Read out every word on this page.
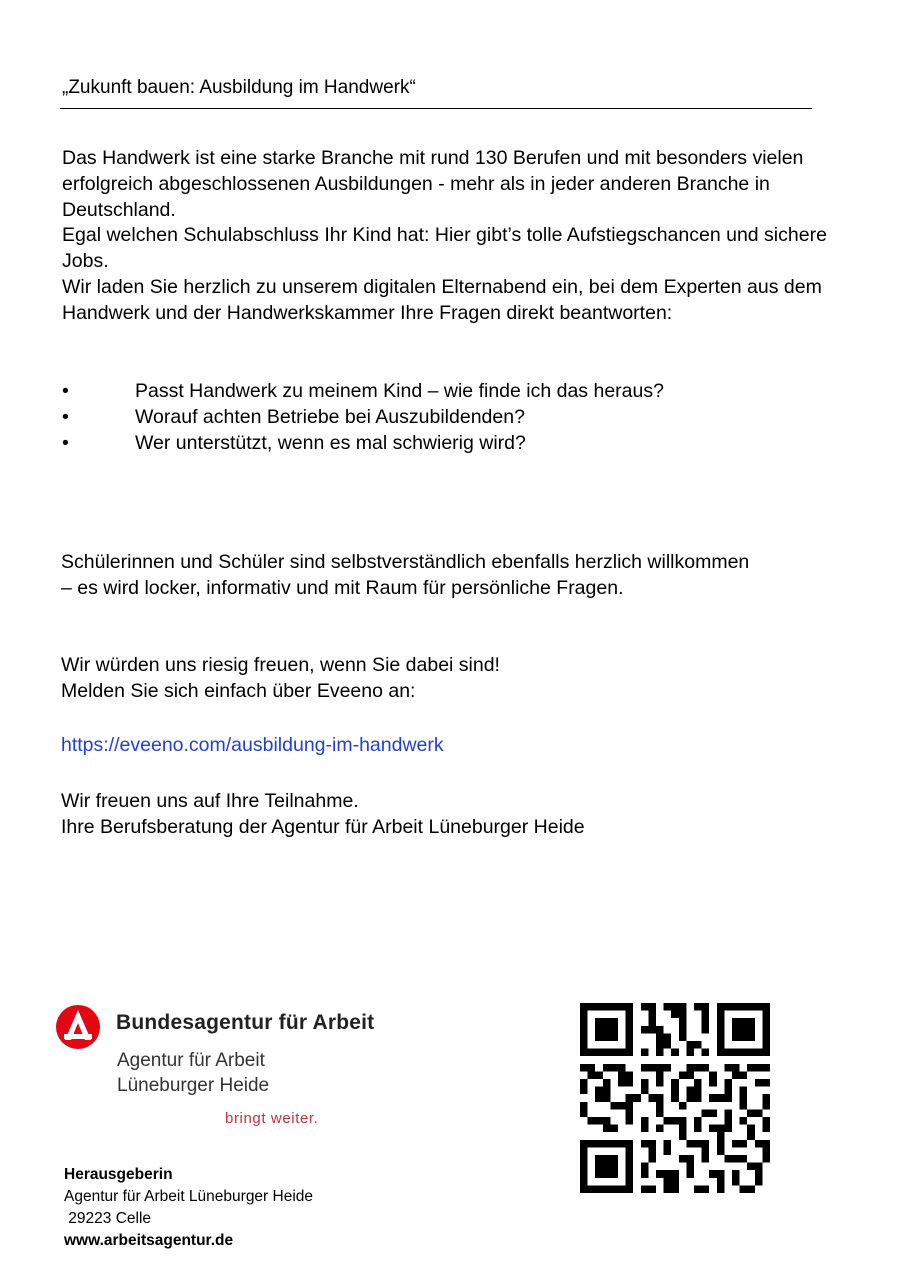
„Zukunft bauen: Ausbildung im Handwerk“

Das Handwerk ist eine starke Branche mit rund 130 Berufen und mit besonders vielen erfolgreich abgeschlossenen Ausbildungen - mehr als in jeder anderen Branche in Deutschland.

Egal welchen Schulabschluss Ihr Kind hat: Hier gibt’s tolle Aufstiegschancen und sichere Jobs.

Wir laden Sie herzlich zu unserem digitalen Elternabend ein, bei dem Experten aus dem Handwerk und der Handwerkskammer Ihre Fragen direkt beantworten:

•	Passt Handwerk zu meinem Kind – wie finde ich das heraus?
•	Worauf achten Betriebe bei Auszubildenden?
•	Wer unterstützt, wenn es mal schwierig wird?

Schülerinnen und Schüler sind selbstverständlich ebenfalls herzlich willkommen – es wird locker, informativ und mit Raum für persönliche Fragen.

Wir würden uns riesig freuen, wenn Sie dabei sind!

Melden Sie sich einfach über Eveeno an:

https://eveeno.com/ausbildung-im-handwerk

Wir freuen uns auf Ihre Teilnahme.

Ihre Berufsberatung der Agentur für Arbeit Lüneburger Heide

Bundesagentur für Arbeit
Agentur für Arbeit
Lüneburger Heide
bringt weiter.
Herausgeberin
Agentur für Arbeit Lüneburger Heide
29223 Celle
www.arbeitsagentur.de
